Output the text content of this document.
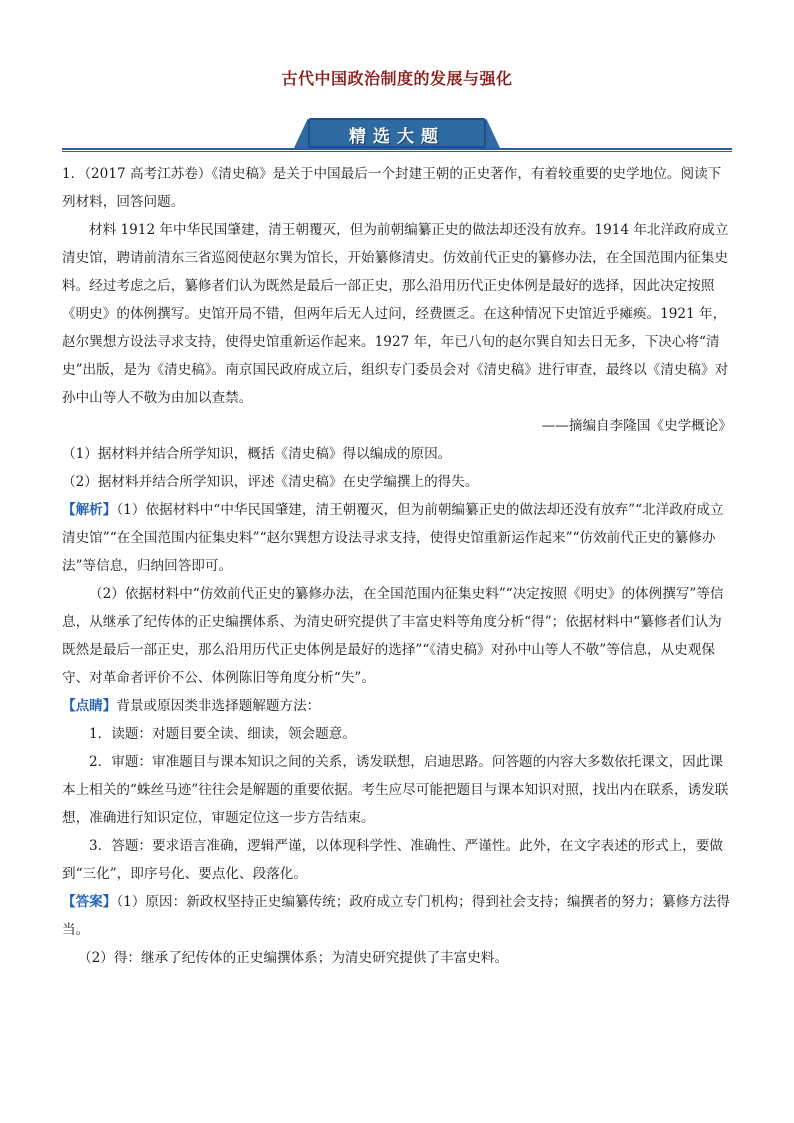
古代中国政治制度的发展与强化
精选大题

1．（2017 高考江苏卷）《清史稿》是关于中国最后一个封建王朝的正史著作，有着较重要的史学地位。阅读下列材料，回答问题。

材料 1912 年中华民国肇建，清王朝覆灭，但为前朝编纂正史的做法却还没有放弃。1914 年北洋政府成立清史馆，聘请前清东三省巡阅使赵尔巽为馆长，开始纂修清史。仿效前代正史的纂修办法，在全国范围内征集史料。经过考虑之后，纂修者们认为既然是最后一部正史，那么沿用历代正史体例是最好的选择，因此决定按照《明史》的体例撰写。史馆开局不错，但两年后无人过问，经费匮乏。在这种情况下史馆近乎瘫痪。1921 年，赵尔巽想方设法寻求支持，使得史馆重新运作起来。1927 年，年已八旬的赵尔巽自知去日无多，下决心将“清史”出版，是为《清史稿》。南京国民政府成立后，组织专门委员会对《清史稿》进行审查，最终以《清史稿》对孙中山等人不敬为由加以查禁。

——摘编自李隆国《史学概论》

（1）据材料并结合所学知识，概括《清史稿》得以编成的原因。

（2）据材料并结合所学知识，评述《清史稿》在史学编撰上的得失。

【解析】（1）依据材料中“中华民国肇建，清王朝覆灭，但为前朝编纂正史的做法却还没有放弃”“北洋政府成立清史馆”“在全国范围内征集史料”“赵尔巽想方设法寻求支持，使得史馆重新运作起来”“仿效前代正史的纂修办法”等信息，归纳回答即可。

（2）依据材料中“仿效前代正史的纂修办法，在全国范围内征集史料”“决定按照《明史》的体例撰写”等信息，从继承了纪传体的正史编撰体系、为清史研究提供了丰富史料等角度分析“得”；依据材料中“纂修者们认为既然是最后一部正史，那么沿用历代正史体例是最好的选择”“《清史稿》对孙中山等人不敬”等信息，从史观保守、对革命者评价不公、体例陈旧等角度分析“失”。

【点睛】背景或原因类非选择题解题方法：

1．读题：对题目要全读、细读，领会题意。

2．审题：审准题目与课本知识之间的关系，诱发联想，启迪思路。问答题的内容大多数依托课文，因此课本上相关的“蛛丝马迹”往往会是解题的重要依据。考生应尽可能把题目与课本知识对照，找出内在联系，诱发联想，准确进行知识定位，审题定位这一步方告结束。

3．答题：要求语言准确，逻辑严谨，以体现科学性、准确性、严谨性。此外，在文字表述的形式上，要做到“三化”，即序号化、要点化、段落化。

【答案】（1）原因：新政权坚持正史编纂传统；政府成立专门机构；得到社会支持；编撰者的努力；纂修方法得当。

（2）得：继承了纪传体的正史编撰体系；为清史研究提供了丰富史料。
